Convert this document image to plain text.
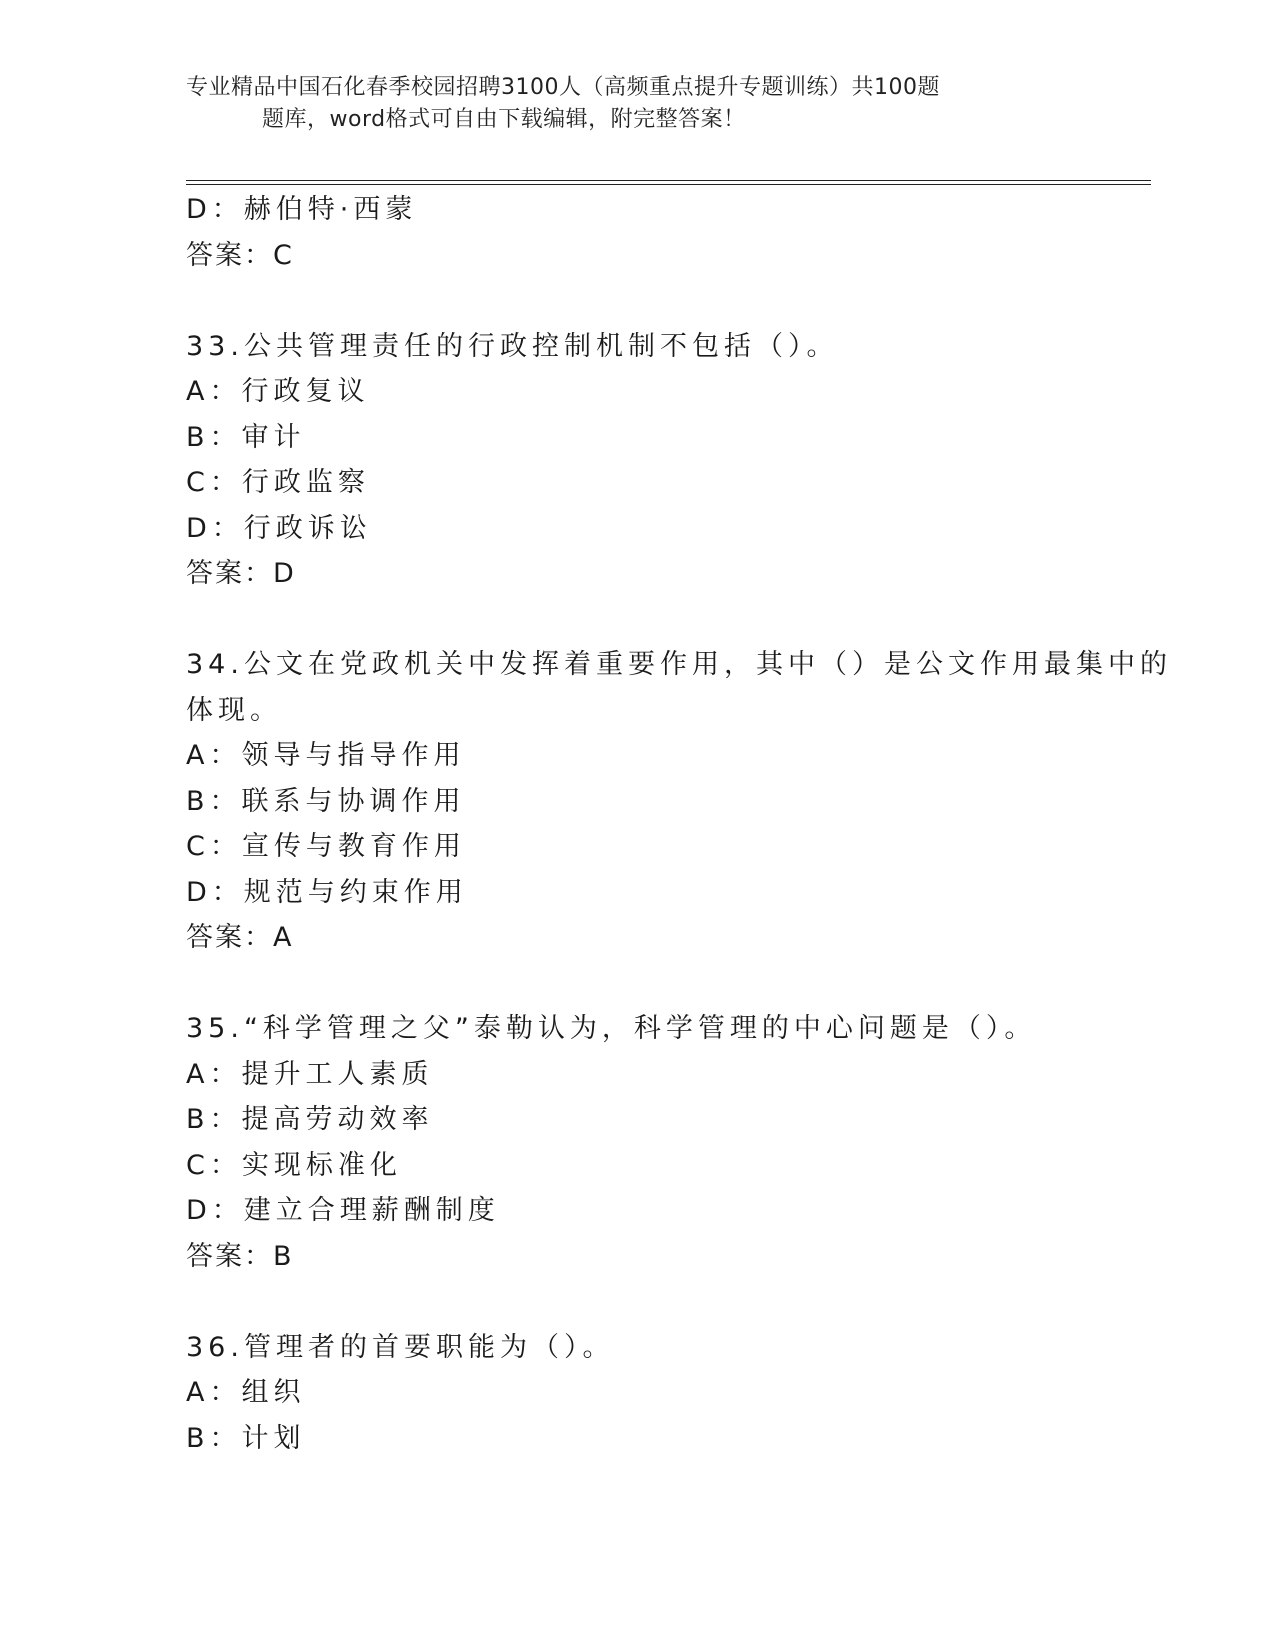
专业精品中国石化春季校园招聘3100人（高频重点提升专题训练）共100题
题库，word格式可自由下载编辑，附完整答案！
D：赫伯特·西蒙
答案：C
33.公共管理责任的行政控制机制不包括（）。
A：行政复议
B：审计
C：行政监察
D：行政诉讼
答案：D
34.公文在党政机关中发挥着重要作用，其中（）是公文作用最集中的
体现。
A：领导与指导作用
B：联系与协调作用
C：宣传与教育作用
D：规范与约束作用
答案：A
35.“科学管理之父”泰勒认为，科学管理的中心问题是（）。
A：提升工人素质
B：提高劳动效率
C：实现标准化
D：建立合理薪酬制度
答案：B
36.管理者的首要职能为（）。
A：组织
B：计划
